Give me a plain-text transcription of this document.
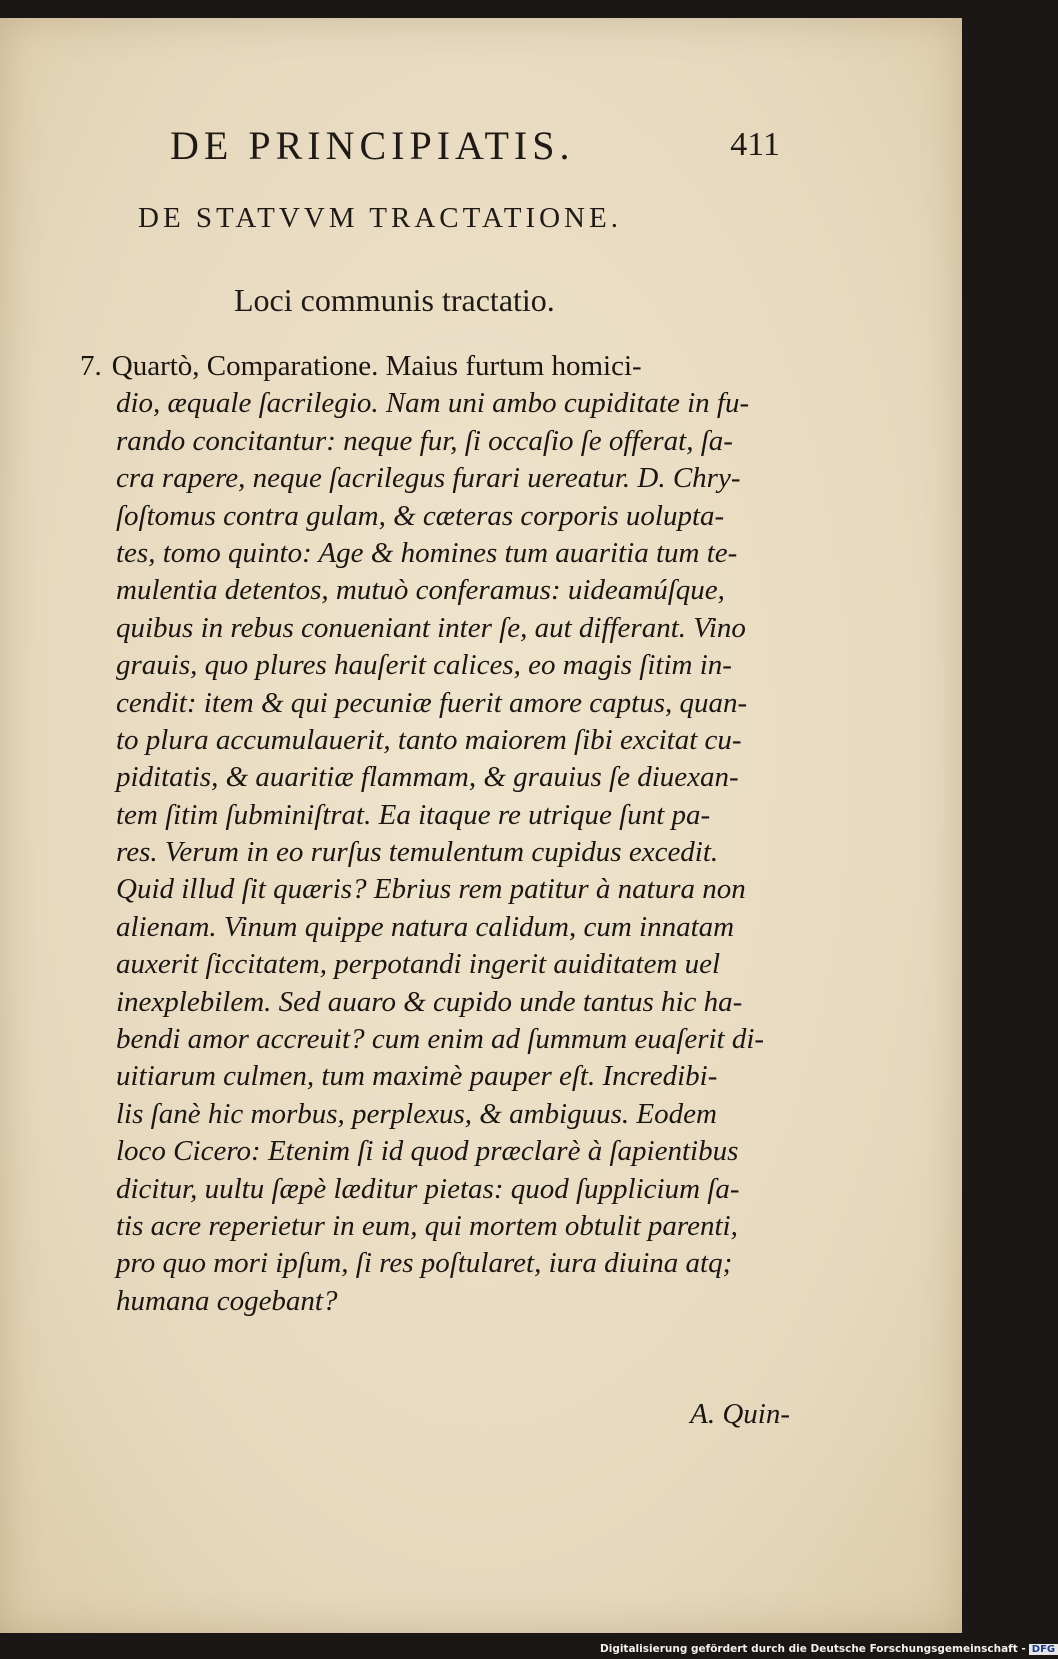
DE PRINCIPIATIS.	411
DE STATVVM TRACTATIONE.
Loci communis tractatio.
7. Quartò, Comparatione. Maius furtum homici-
dio, æquale ſacrilegio. Nam uni ambo cupiditate in fu-
rando concitantur: neque fur, ſi occaſio ſe offerat, ſa-
cra rapere, neque ſacrilegus furari uereatur. D. Chry-
ſoſtomus contra gulam, & cæteras corporis uolupta-
tes, tomo quinto: Age & homines tum auaritia tum te-
mulentia detentos, mutuò conferamus: uideamúſque,
quibus in rebus conueniant inter ſe, aut differant. Vino
grauis, quo plures hauſerit calices, eo magis ſitim in-
cendit: item & qui pecuniæ fuerit amore captus, quan-
to plura accumulauerit, tanto maiorem ſibi excitat cu-
piditatis, & auaritiæ flammam, & grauius ſe diuexan-
tem ſitim ſubminiſtrat. Ea itaque re utrique ſunt pa-
res. Verum in eo rurſus temulentum cupidus excedit.
Quid illud ſit quæris? Ebrius rem patitur à natura non
alienam. Vinum quippe natura calidum, cum innatam
auxerit ſiccitatem, perpotandi ingerit auiditatem uel
inexplebilem. Sed auaro & cupido unde tantus hic ha-
bendi amor accreuit? cum enim ad ſummum euaſerit di-
uitiarum culmen, tum maximè pauper eſt. Incredibi-
lis ſanè hic morbus, perplexus, & ambiguus. Eodem
loco Cicero: Etenim ſi id quod præclarè à ſapientibus
dicitur, uultu ſæpè læditur pietas: quod ſupplicium ſa-
tis acre reperietur in eum, qui mortem obtulit parenti,
pro quo mori ipſum, ſi res poſtularet, iura diuina atq;
humana cogebant?
A. Quin-
Digitalisierung gefördert durch die Deutsche Forschungsgemeinschaft - DFG
